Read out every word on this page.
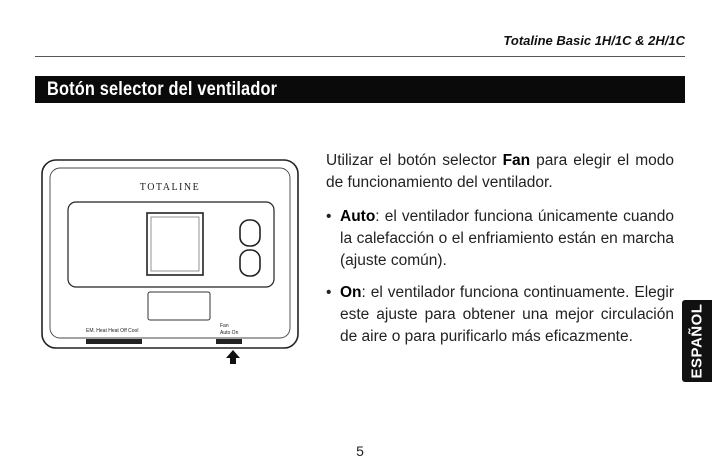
Totaline Basic 1H/1C & 2H/1C
Botón selector del ventilador
TOTALINE
EM. Heat Heat Off Cool
Fan
Auto On

Utilizar el botón selector Fan para elegir el modo de funcionamiento del ventilador.

• Auto: el ventilador funciona únicamente cuando la calefacción o el enfriamiento están en marcha (ajuste común).
• On: el ventilador funciona continuamente. Elegir este ajuste para obtener una mejor circulación de aire o para purificarlo más eficazmente.
5
ESPAÑOL
